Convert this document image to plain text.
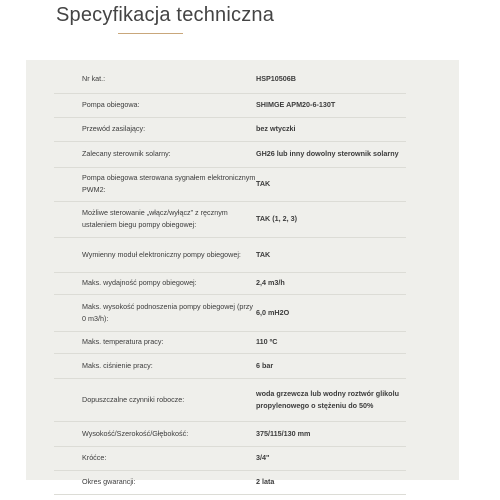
Specyfikacja techniczna
Nr kat.:	HSP10506B
Pompa obiegowa:	SHIMGE APM20-6-130T
Przewód zasilający:	bez wtyczki
Zalecany sterownik solarny:	GH26 lub inny dowolny sterownik solarny
Pompa obiegowa sterowana sygnałem elektronicznym PWM2:	TAK
Możliwe sterowanie „włącz/wyłącz” z ręcznym ustaleniem biegu pompy obiegowej:	TAK (1, 2, 3)
Wymienny moduł elektroniczny pompy obiegowej:	TAK
Maks. wydajność pompy obiegowej:	2,4 m3/h
Maks. wysokość podnoszenia pompy obiegowej (przy 0 m3/h):	6,0 mH2O
Maks. temperatura pracy:	110 ºC
Maks. ciśnienie pracy:	6 bar
Dopuszczalne czynniki robocze:	woda grzewcza lub wodny roztwór glikolu propylenowego o stężeniu do 50%
Wysokość/Szerokość/Głębokość:	375/115/130 mm
Króćce:	3/4"
Okres gwarancji:	2 lata
